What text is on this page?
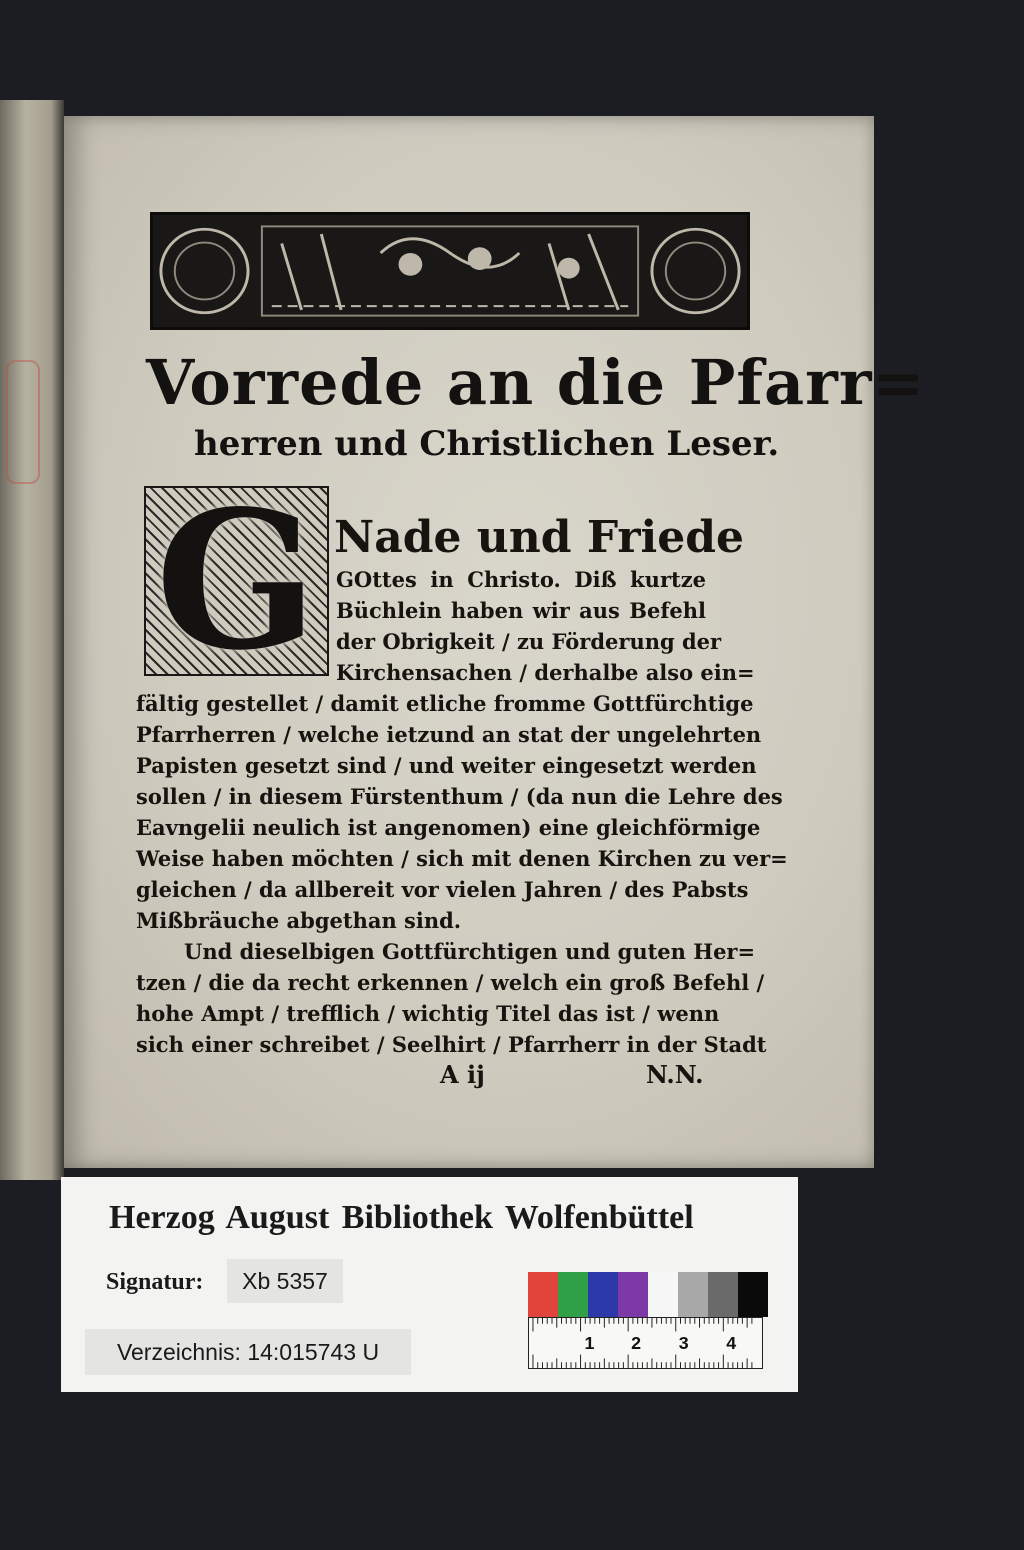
Vorrede an die Pfarr=
herren und Christlichen Leser.
G Nade und Friede
GOttes in Christo. Diß kurtze
Büchlein haben wir aus Befehl
der Obrigkeit / zu Förderung der
Kirchensachen / derhalbe also ein=
fältig gestellet / damit etliche fromme Gottfürchtige
Pfarrherren / welche ietzund an stat der ungelehrten
Papisten gesetzt sind / und weiter eingesetzt werden
sollen / in diesem Fürstenthum / (da nun die Lehre des
Eavngelii neulich ist angenomen) eine gleichförmige
Weise haben möchten / sich mit denen Kirchen zu ver=
gleichen / da allbereit vor vielen Jahren / des Pabsts
Mißbräuche abgethan sind.
Und dieselbigen Gottfürchtigen und guten Her=
tzen / die da recht erkennen / welch ein groß Befehl /
hohe Ampt / trefflich / wichtig Titel das ist / wenn
sich einer schreibet / Seelhirt / Pfarrherr in der Stadt
A ij	N.N.
Herzog August Bibliothek Wolfenbüttel
Signatur:	Xb 5357
Verzeichnis: 14:015743 U	1 2 3 4
